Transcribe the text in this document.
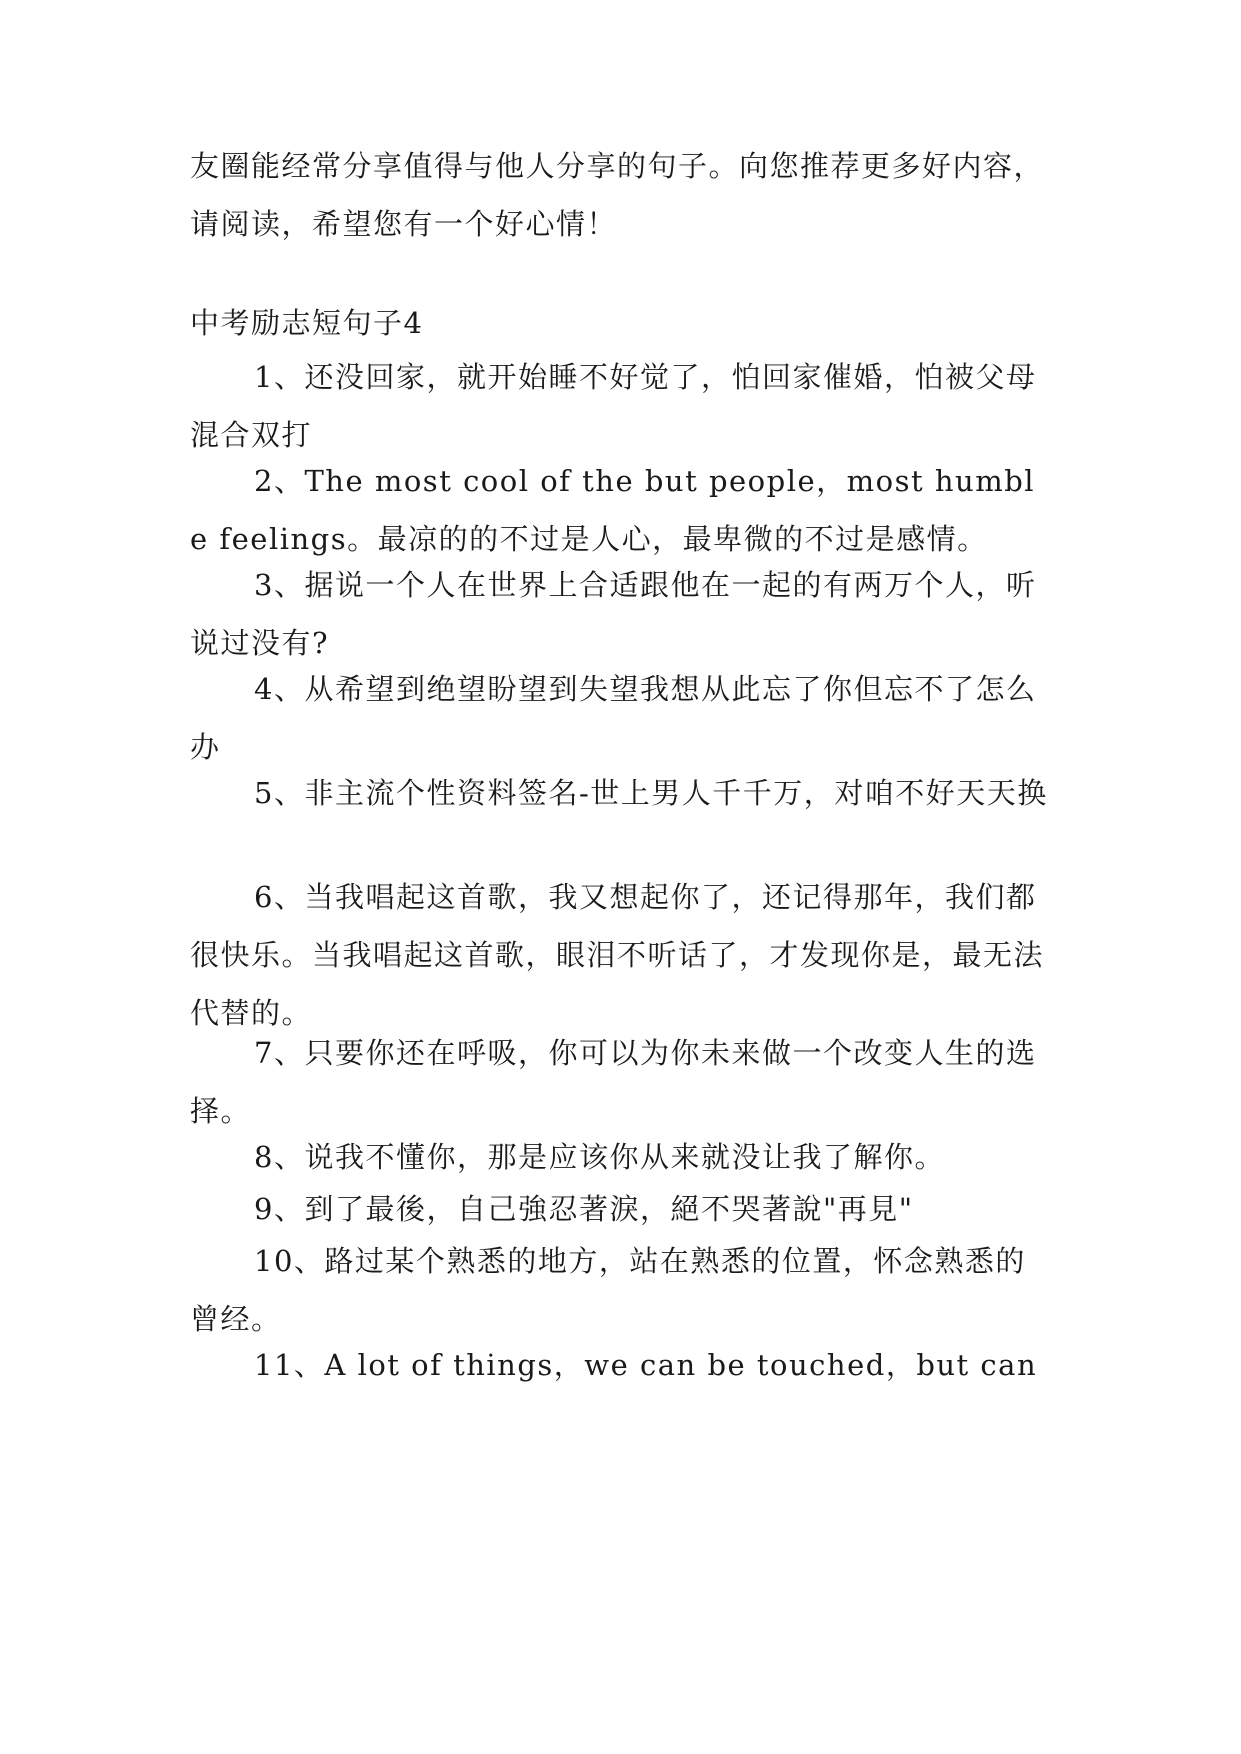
友圈能经常分享值得与他人分享的句子。向您推荐更多好内容，请阅读，希望您有一个好心情！

中考励志短句子4

1、还没回家，就开始睡不好觉了，怕回家催婚，怕被父母混合双打

2、The most cool of the but people，most humble feelings。最凉的的不过是人心，最卑微的不过是感情。

3、据说一个人在世界上合适跟他在一起的有两万个人，听说过没有?

4、从希望到绝望盼望到失望我想从此忘了你但忘不了怎么办

5、非主流个性资料签名-世上男人千千万，对咱不好天天换

6、当我唱起这首歌，我又想起你了，还记得那年，我们都很快乐。当我唱起这首歌，眼泪不听话了，才发现你是，最无法代替的。

7、只要你还在呼吸，你可以为你未来做一个改变人生的选择。

8、说我不懂你，那是应该你从来就没让我了解你。

9、到了最後，自己強忍著淚，絕不哭著說"再見"

10、路过某个熟悉的地方，站在熟悉的位置，怀念熟悉的曾经。

11、A lot of things，we can be touched，but can
